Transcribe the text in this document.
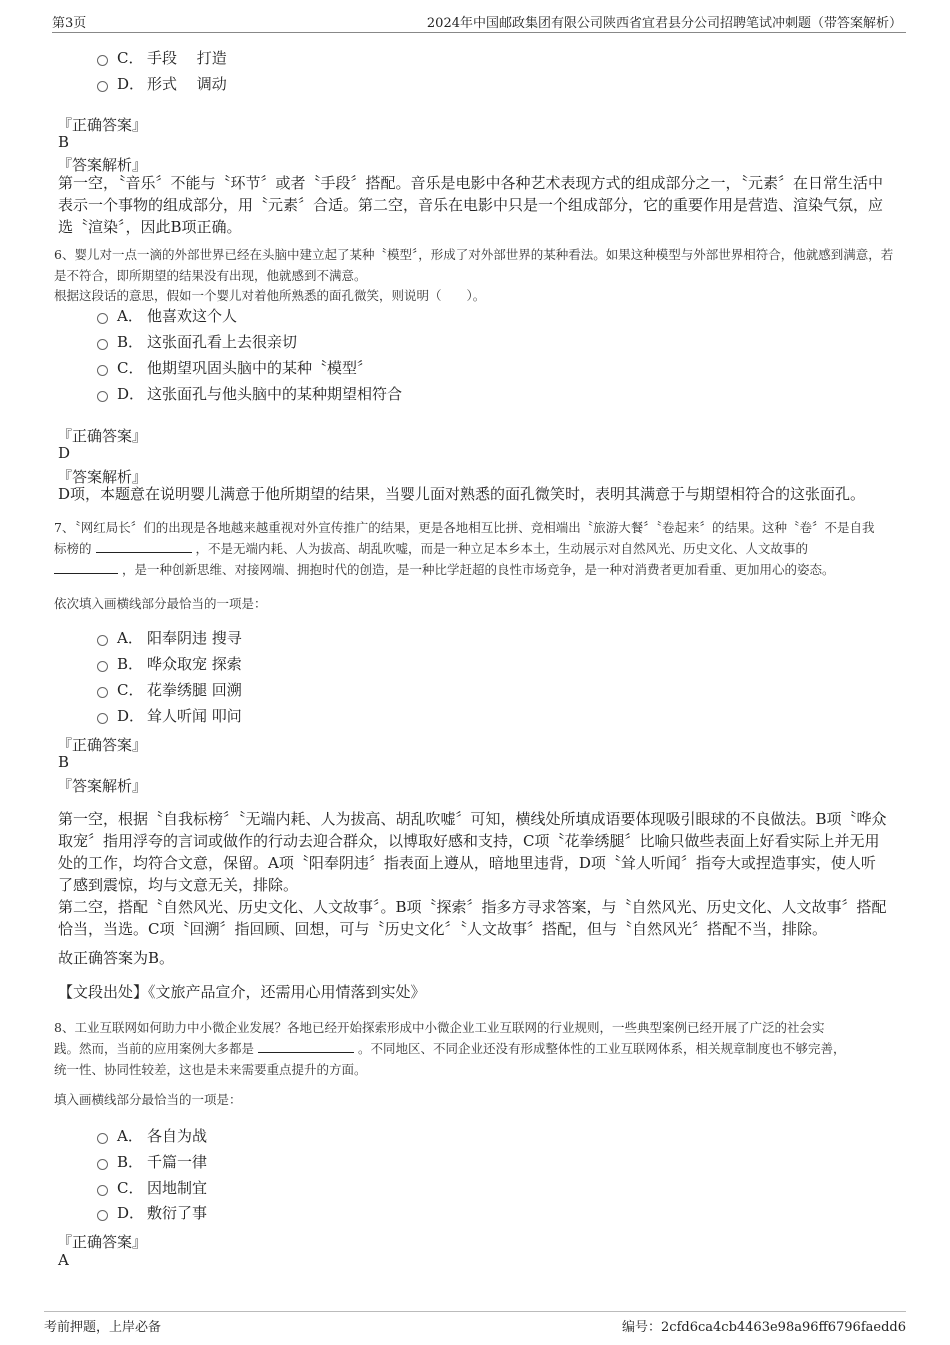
第3页	2024年中国邮政集团有限公司陕西省宜君县分公司招聘笔试冲刺题（带答案解析）
C． 手段　 打造
D． 形式　 调动
『正确答案』
B
『答案解析』
第一空，〝音乐〞不能与〝环节〞或者〝手段〞搭配。音乐是电影中各种艺术表现方式的组成部分之一，〝元素〞在日常生活中表示一个事物的组成部分，用〝元素〞合适。第二空，音乐在电影中只是一个组成部分，它的重要作用是营造、渲染气氛，应选〝渲染〞，因此B项正确。
6、婴儿对一点一滴的外部世界已经在头脑中建立起了某种〝模型〞，形成了对外部世界的某种看法。如果这种模型与外部世界相符合，他就感到满意，若是不符合，即所期望的结果没有出现，他就感到不满意。
根据这段话的意思，假如一个婴儿对着他所熟悉的面孔微笑，则说明（　　）。
A． 他喜欢这个人
B． 这张面孔看上去很亲切
C． 他期望巩固头脑中的某种〝模型〞
D． 这张面孔与他头脑中的某种期望相符合
『正确答案』
D
『答案解析』
D项，本题意在说明婴儿满意于他所期望的结果，当婴儿面对熟悉的面孔微笑时，表明其满意于与期望相符合的这张面孔。
7、〝网红局长〞们的出现是各地越来越重视对外宣传推广的结果，更是各地相互比拼、竞相端出〝旅游大餐〞〝卷起来〞的结果。这种〝卷〞不是自我
标榜的	，不是无端内耗、人为拔高、胡乱吹嘘，而是一种立足本乡本土，生动展示对自然风光、历史文化、人文故事的
，是一种创新思维、对接网端、拥抱时代的创造，是一种比学赶超的良性市场竞争，是一种对消费者更加看重、更加用心的姿态。
依次填入画横线部分最恰当的一项是：
A． 阳奉阴违 搜寻
B． 哗众取宠 探索
C． 花拳绣腿 回溯
D． 耸人听闻 叩问
『正确答案』
B
『答案解析』
第一空，根据〝自我标榜〞〝无端内耗、人为拔高、胡乱吹嘘〞可知，横线处所填成语要体现吸引眼球的不良做法。B项〝哗众取宠〞指用浮夸的言词或做作的行动去迎合群众，以博取好感和支持，C项〝花拳绣腿〞比喻只做些表面上好看实际上并无用处的工作，均符合文意，保留。A项〝阳奉阴违〞指表面上遵从，暗地里违背，D项〝耸人听闻〞指夸大或捏造事实，使人听了感到震惊，均与文意无关，排除。
第二空，搭配〝自然风光、历史文化、人文故事〞。B项〝探索〞指多方寻求答案，与〝自然风光、历史文化、人文故事〞搭配恰当，当选。C项〝回溯〞指回顾、回想，可与〝历史文化〞〝人文故事〞搭配，但与〝自然风光〞搭配不当，排除。
故正确答案为B。
【文段出处】《文旅产品宣介，还需用心用情落到实处》
8、工业互联网如何助力中小微企业发展？各地已经开始探索形成中小微企业工业互联网的行业规则，一些典型案例已经开展了广泛的社会实
践。然而，当前的应用案例大多都是	。不同地区、不同企业还没有形成整体性的工业互联网体系，相关规章制度也不够完善，
统一性、协同性较差，这也是未来需要重点提升的方面。
填入画横线部分最恰当的一项是：
A． 各自为战
B． 千篇一律
C． 因地制宜
D． 敷衍了事
『正确答案』
A
考前押题，上岸必备	编号：2cfd6ca4cb4463e98a96ff6796faedd6
